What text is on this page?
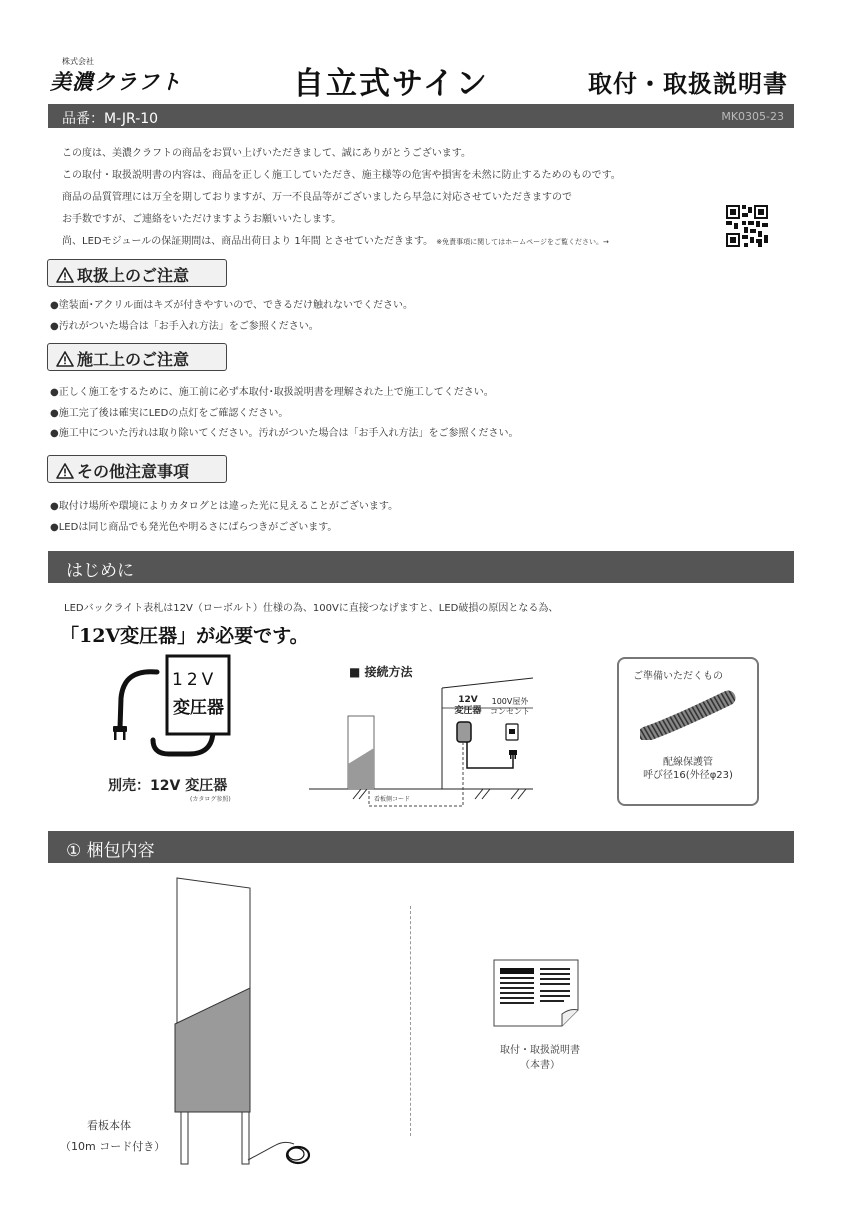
株式会社
美濃クラフト	自立式サイン	取付・取扱説明書
品番：M-JR-10	MK0305-23
この度は、美濃クラフトの商品をお買い上げいただきまして、誠にありがとうございます。
この取付・取扱説明書の内容は、商品を正しく施工していただき、施主様等の危害や損害を未然に防止するためのものです。
商品の品質管理には万全を期しておりますが、万一不良品等がございましたら早急に対応させていただきますので
お手数ですが、ご連絡をいただけますようお願いいたします。
尚、LEDモジュールの保証期間は、商品出荷日より 1年間 とさせていただきます。 ※免責事項に関してはホームページをご覧ください。→
取扱上のご注意
●塗装面･アクリル面はキズが付きやすいので、できるだけ触れないでください。
●汚れがついた場合は「お手入れ方法」をご参照ください。
施工上のご注意
●正しく施工をするために、施工前に必ず本取付･取扱説明書を理解された上で施工してください。
●施工完了後は確実にLEDの点灯をご確認ください。
●施工中についた汚れは取り除いてください。汚れがついた場合は「お手入れ方法」をご参照ください。
その他注意事項
●取付け場所や環境によりカタログとは違った光に見えることがございます。
●LEDは同じ商品でも発光色や明るさにばらつきがございます。
はじめに
LEDバックライト表札は12V（ローボルト）仕様の為、100Vに直接つなげますと、LED破損の原因となる為、
「12V変圧器」が必要です。
12V
変圧器
別売：12V 変圧器
(カタログ参照)
■ 接続方法
12V
変圧器
100V屋外
コンセント
看板側コード
ご準備いただくもの
配線保護管
呼び径16(外径φ23)
① 梱包内容
看板本体
（10m コード付き）
取付・取扱説明書
（本書）
